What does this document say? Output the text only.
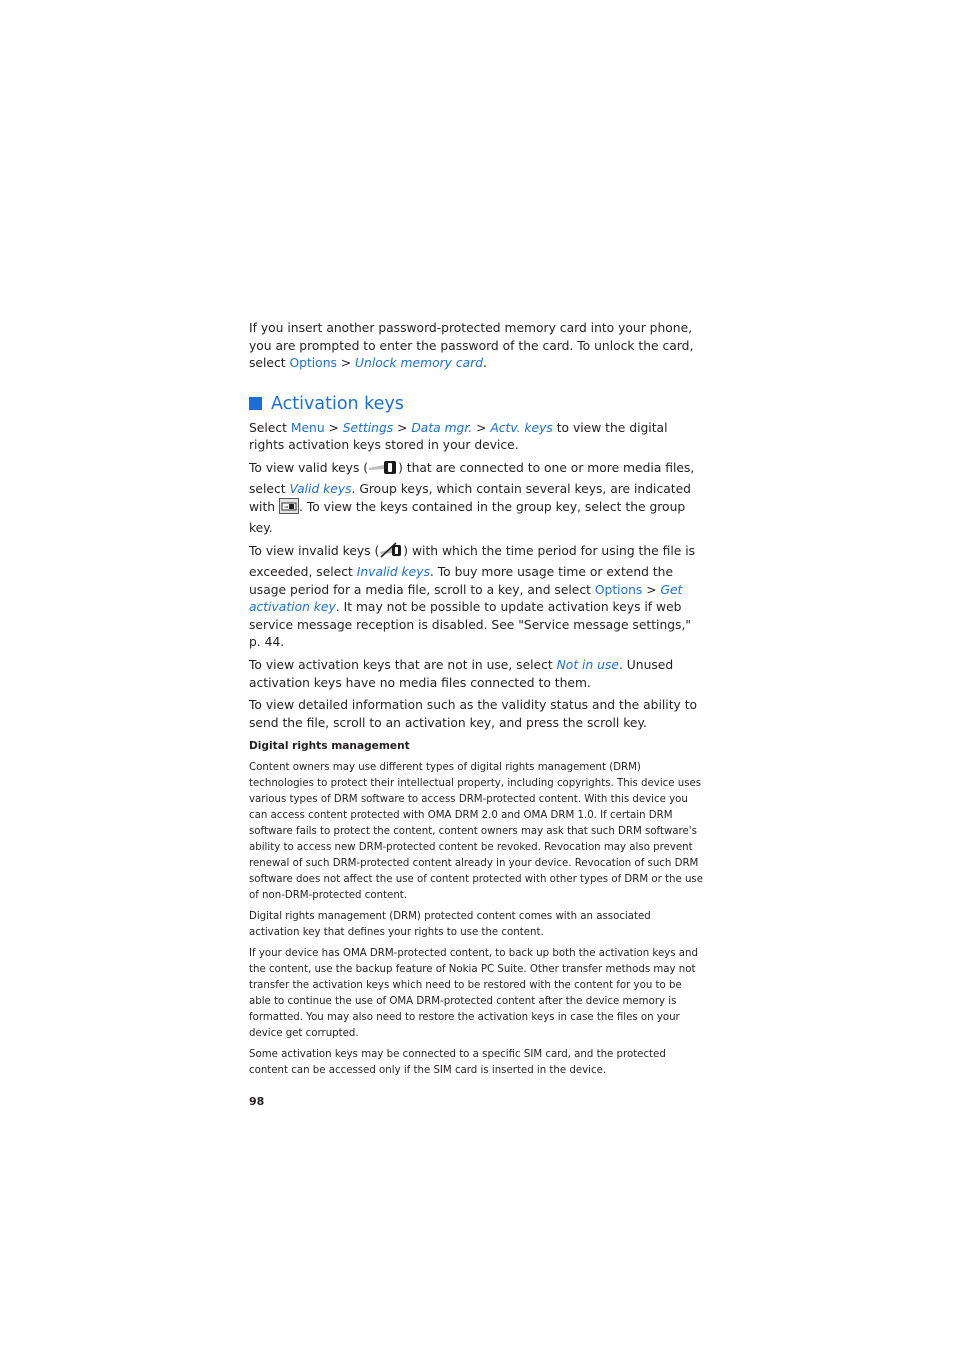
If you insert another password-protected memory card into your phone, you are prompted to enter the password of the card. To unlock the card, select Options > Unlock memory card.

Activation keys

Select Menu > Settings > Data mgr. > Actv. keys to view the digital rights activation keys stored in your device.

To view valid keys ( ) that are connected to one or more media files, select Valid keys. Group keys, which contain several keys, are indicated with . To view the keys contained in the group key, select the group key.

To view invalid keys ( ) with which the time period for using the file is exceeded, select Invalid keys. To buy more usage time or extend the usage period for a media file, scroll to a key, and select Options > Get activation key. It may not be possible to update activation keys if web service message reception is disabled. See "Service message settings," p. 44.

To view activation keys that are not in use, select Not in use. Unused activation keys have no media files connected to them.

To view detailed information such as the validity status and the ability to send the file, scroll to an activation key, and press the scroll key.

Digital rights management

Content owners may use different types of digital rights management (DRM) technologies to protect their intellectual property, including copyrights. This device uses various types of DRM software to access DRM-protected content. With this device you can access content protected with OMA DRM 2.0 and OMA DRM 1.0. If certain DRM software fails to protect the content, content owners may ask that such DRM software's ability to access new DRM-protected content be revoked. Revocation may also prevent renewal of such DRM-protected content already in your device. Revocation of such DRM software does not affect the use of content protected with other types of DRM or the use of non-DRM-protected content.

Digital rights management (DRM) protected content comes with an associated activation key that defines your rights to use the content.

If your device has OMA DRM-protected content, to back up both the activation keys and the content, use the backup feature of Nokia PC Suite. Other transfer methods may not transfer the activation keys which need to be restored with the content for you to be able to continue the use of OMA DRM-protected content after the device memory is formatted. You may also need to restore the activation keys in case the files on your device get corrupted.

Some activation keys may be connected to a specific SIM card, and the protected content can be accessed only if the SIM card is inserted in the device.

98
